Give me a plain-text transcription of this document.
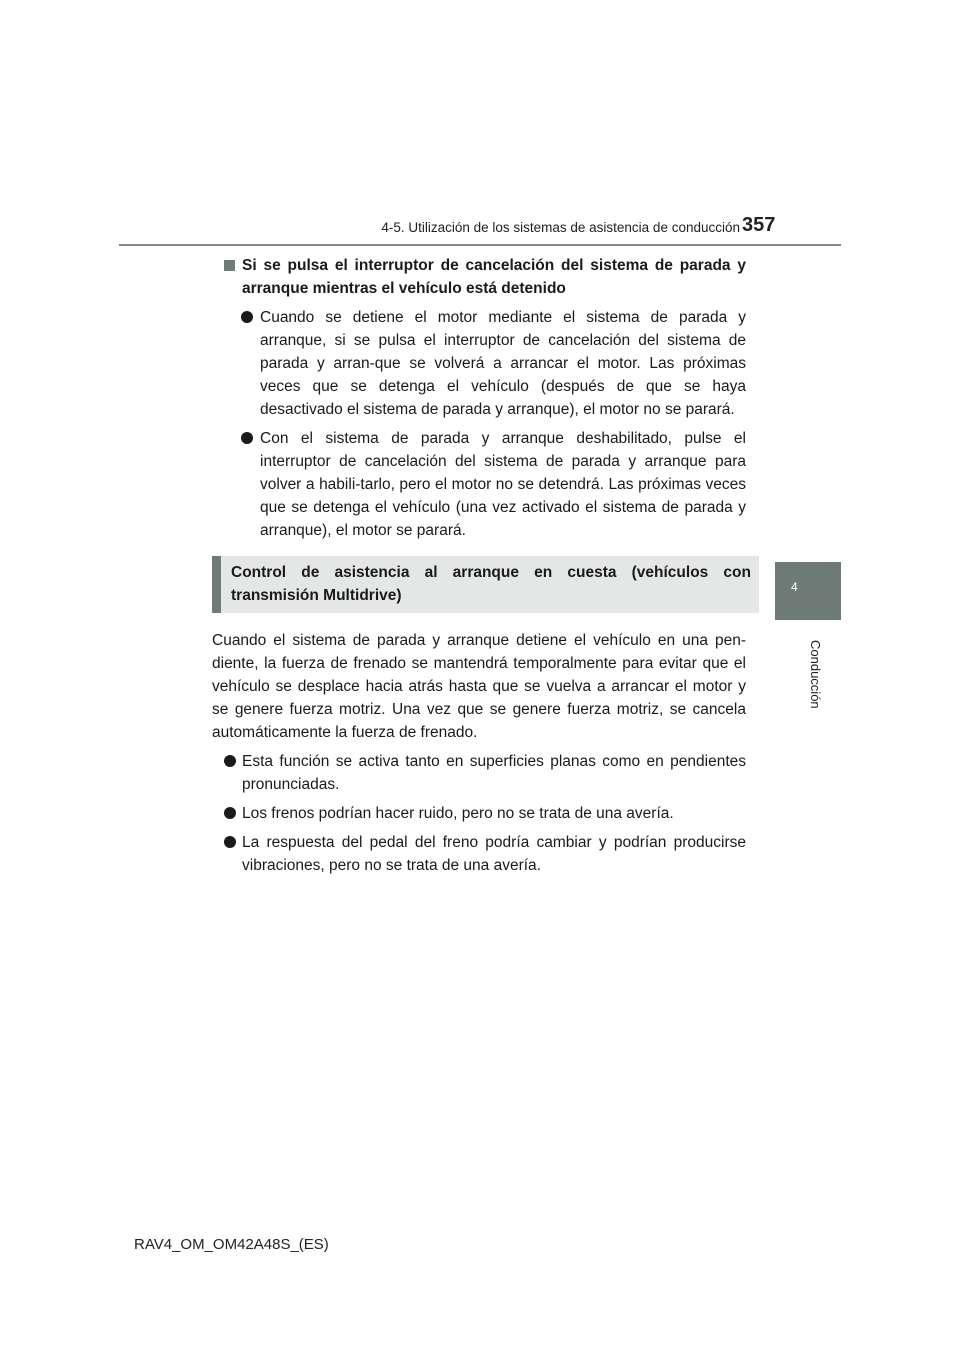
4-5. Utilización de los sistemas de asistencia de conducción 357
4
Conducción
Si se pulsa el interruptor de cancelación del sistema de parada y arranque mientras el vehículo está detenido
Cuando se detiene el motor mediante el sistema de parada y arranque, si se pulsa el interruptor de cancelación del sistema de parada y arran-que se volverá a arrancar el motor. Las próximas veces que se detenga el vehículo (después de que se haya desactivado el sistema de parada y arranque), el motor no se parará.
Con el sistema de parada y arranque deshabilitado, pulse el interruptor de cancelación del sistema de parada y arranque para volver a habili-tarlo, pero el motor no se detendrá. Las próximas veces que se detenga el vehículo (una vez activado el sistema de parada y arranque), el motor se parará.
Control de asistencia al arranque en cuesta (vehículos con transmisión Multidrive)
Cuando el sistema de parada y arranque detiene el vehículo en una pen-diente, la fuerza de frenado se mantendrá temporalmente para evitar que el vehículo se desplace hacia atrás hasta que se vuelva a arrancar el motor y se genere fuerza motriz. Una vez que se genere fuerza motriz, se cancela automáticamente la fuerza de frenado.
Esta función se activa tanto en superficies planas como en pendientes pronunciadas.
Los frenos podrían hacer ruido, pero no se trata de una avería.
La respuesta del pedal del freno podría cambiar y podrían producirse vibraciones, pero no se trata de una avería.
RAV4_OM_OM42A48S_(ES)
